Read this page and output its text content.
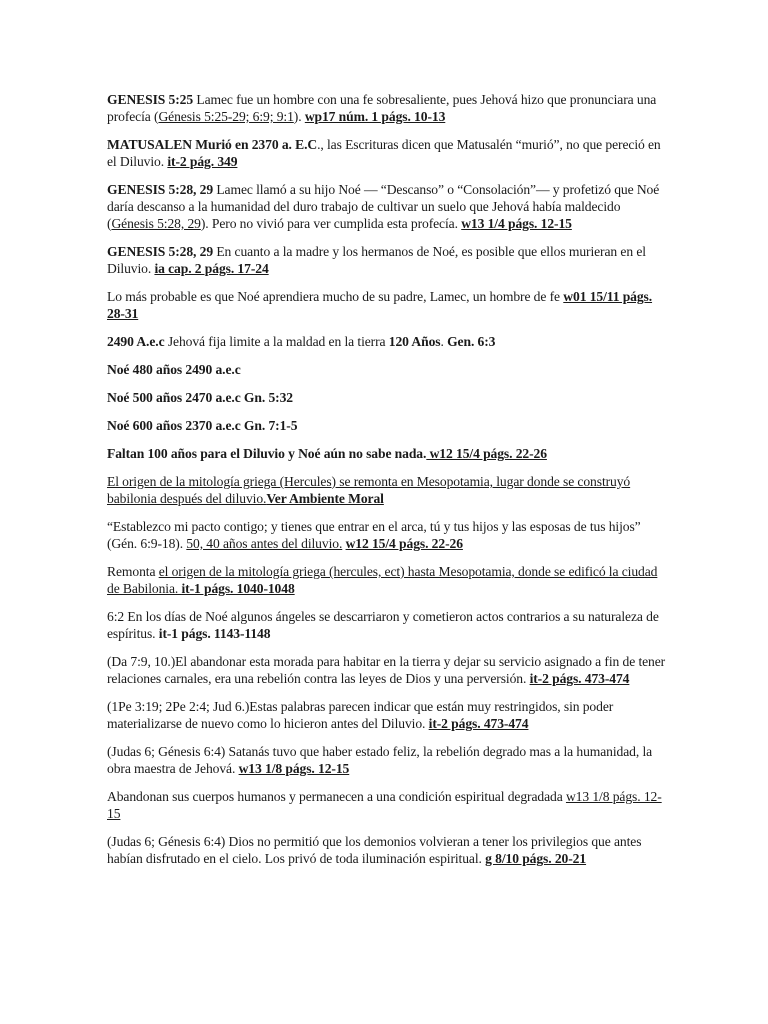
GENESIS 5:25 Lamec fue un hombre con una fe sobresaliente, pues Jehová hizo que pronunciara una profecía (Génesis 5:25-29; 6:9; 9:1). wp17 núm. 1 págs. 10-13

MATUSALEN Murió en 2370 a. E.C., las Escrituras dicen que Matusalén “murió”, no que pereció en el Diluvio. it-2 pág. 349

GENESIS 5:28, 29 Lamec llamó a su hijo Noé — “Descanso” o “Consolación”— y profetizó que Noé daría descanso a la humanidad del duro trabajo de cultivar un suelo que Jehová había maldecido (Génesis 5:28, 29). Pero no vivió para ver cumplida esta profecía. w13 1/4 págs. 12-15

GENESIS 5:28, 29 En cuanto a la madre y los hermanos de Noé, es posible que ellos murieran en el Diluvio. ia cap. 2 págs. 17-24

Lo más probable es que Noé aprendiera mucho de su padre, Lamec, un hombre de fe w01 15/11 págs. 28-31

2490 A.e.c Jehová fija limite a la maldad en la tierra 120 Años. Gen. 6:3

Noé 480 años 2490 a.e.c

Noé 500 años 2470 a.e.c Gn. 5:32

Noé 600 años 2370 a.e.c Gn. 7:1-5

Faltan 100 años para el Diluvio y Noé aún no sabe nada. w12 15/4 págs. 22-26

El origen de la mitología griega (Hercules) se remonta en Mesopotamia, lugar donde se construyó babilonia después del diluvio.Ver Ambiente Moral

“Establezco mi pacto contigo; y tienes que entrar en el arca, tú y tus hijos y las esposas de tus hijos” (Gén. 6:9-18). 50, 40 años antes del diluvio. w12 15/4 págs. 22-26

Remonta el origen de la mitología griega (hercules, ect) hasta Mesopotamia, donde se edificó la ciudad de Babilonia. it-1 págs. 1040-1048

6:2 En los días de Noé algunos ángeles se descarriaron y cometieron actos contrarios a su naturaleza de espíritus. it-1 págs. 1143-1148

(Da 7:9, 10.)El abandonar esta morada para habitar en la tierra y dejar su servicio asignado a fin de tener relaciones carnales, era una rebelión contra las leyes de Dios y una perversión. it-2 págs. 473-474

(1Pe 3:19; 2Pe 2:4; Jud 6.)Estas palabras parecen indicar que están muy restringidos, sin poder materializarse de nuevo como lo hicieron antes del Diluvio. it-2 págs. 473-474

(Judas 6; Génesis 6:4) Satanás tuvo que haber estado feliz, la rebelión degrado mas a la humanidad, la obra maestra de Jehová. w13 1/8 págs. 12-15

Abandonan sus cuerpos humanos y permanecen a una condición espiritual degradada w13 1/8 págs. 12-15

(Judas 6; Génesis 6:4) Dios no permitió que los demonios volvieran a tener los privilegios que antes habían disfrutado en el cielo. Los privó de toda iluminación espiritual. g 8/10 págs. 20-21
